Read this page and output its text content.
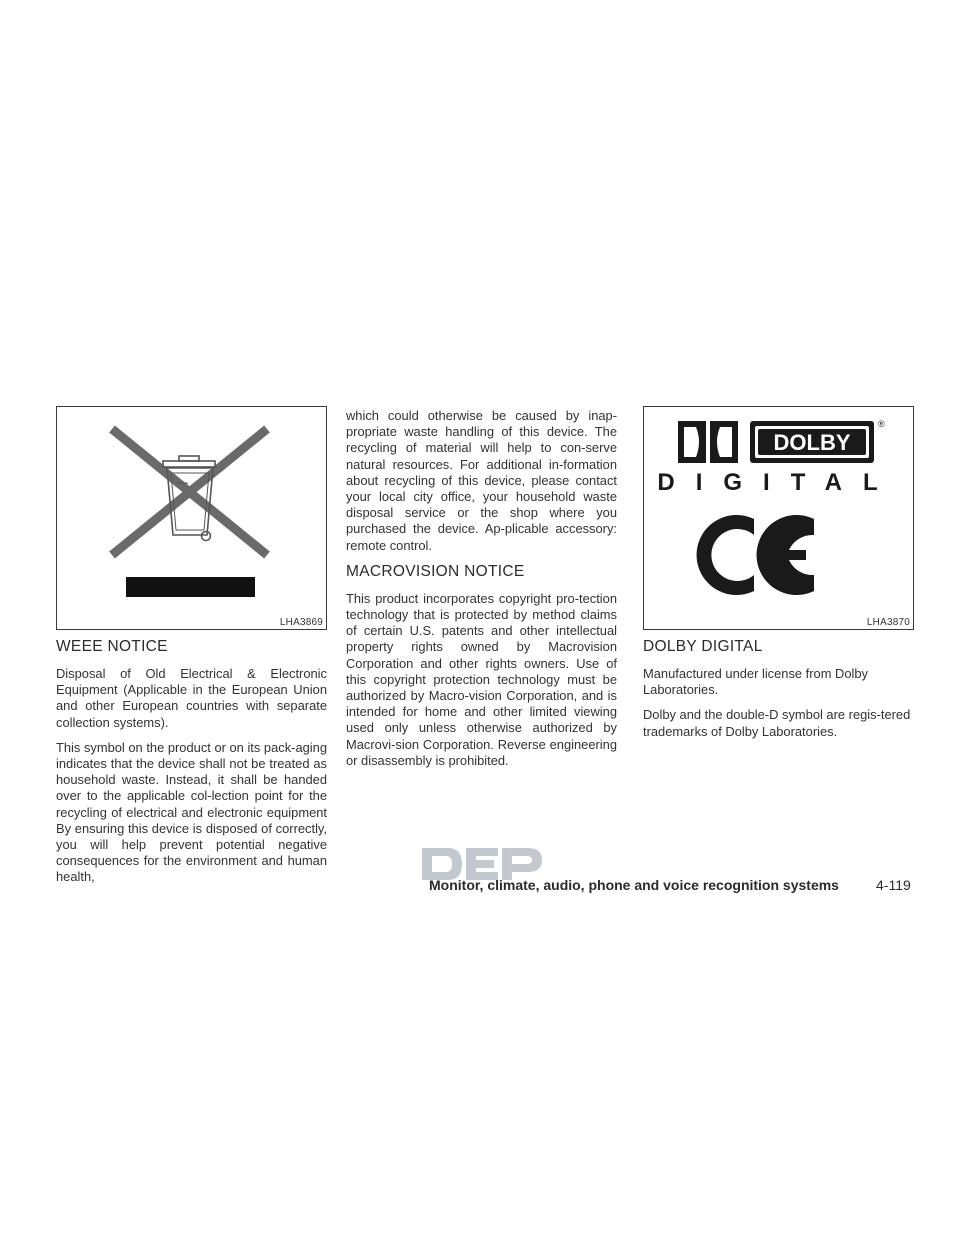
LHA3869
WEEE NOTICE

Disposal of Old Electrical & Electronic Equipment (Applicable in the European Union and other European countries with separate collection systems).

This symbol on the product or on its pack-aging indicates that the device shall not be treated as household waste. Instead, it shall be handed over to the applicable col-lection point for the recycling of electrical and electronic equipment By ensuring this device is disposed of correctly, you will help prevent potential negative consequences for the environment and human health,

which could otherwise be caused by inap-propriate waste handling of this device. The recycling of material will help to con-serve natural resources. For additional in-formation about recycling of this device, please contact your local city office, your household waste disposal service or the shop where you purchased the device. Ap-plicable accessory: remote control.

MACROVISION NOTICE

This product incorporates copyright pro-tection technology that is protected by method claims of certain U.S. patents and other intellectual property rights owned by Macrovision Corporation and other rights owners. Use of this copyright protection technology must be authorized by Macro-vision Corporation, and is intended for home and other limited viewing used only unless otherwise authorized by Macrovi-sion Corporation. Reverse engineering or disassembly is prohibited.

DOLBY
®
DIGITAL
LHA3870
DOLBY DIGITAL

Manufactured under license from Dolby Laboratories.

Dolby and the double-D symbol are regis-tered trademarks of Dolby Laboratories.

Monitor, climate, audio, phone and voice recognition systems	4-119
